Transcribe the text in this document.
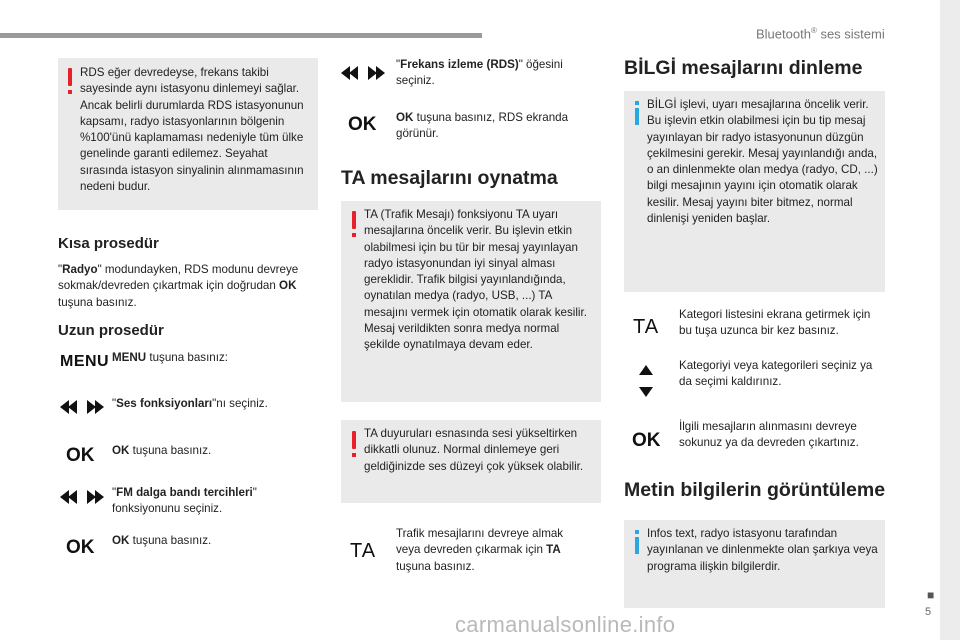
Bluetooth® ses sistemi
■
5
RDS eğer devredeyse, frekans takibi sayesinde aynı istasyonu dinlemeyi sağlar. Ancak belirli durumlarda RDS istasyonunun kapsamı, radyo istasyonlarının bölgenin %100'ünü kaplamaması nedeniyle tüm ülke genelinde garanti edilemez. Seyahat sırasında istasyon sinyalinin alınmamasının nedeni budur.
Kısa prosedür
"Radyo" modundayken, RDS modunu devreye sokmak/devreden çıkartmak için doğrudan OK tuşuna basınız.
Uzun prosedür
MENU MENU tuşuna basınız:
"Ses fonksiyonları"nı seçiniz.
OK OK tuşuna basınız.
"FM dalga bandı tercihleri" fonksiyonunu seçiniz.
OK OK tuşuna basınız.
"Frekans izleme (RDS)" öğesini seçiniz.
OK OK tuşuna basınız, RDS ekranda görünür.
TA mesajlarını oynatma
TA (Trafik Mesajı) fonksiyonu TA uyarı mesajlarına öncelik verir. Bu işlevin etkin olabilmesi için bu tür bir mesaj yayınlayan radyo istasyonundan iyi sinyal alması gereklidir. Trafik bilgisi yayınlandığında, oynatılan medya (radyo, USB, ...) TA mesajını vermek için otomatik olarak kesilir. Mesaj verildikten sonra medya normal şekilde oynatılmaya devam eder.
TA duyuruları esnasında sesi yükseltirken dikkatli olunuz. Normal dinlemeye geri geldiğinizde ses düzeyi çok yüksek olabilir.
TA
Trafik mesajlarını devreye almak veya devreden çıkarmak için TA tuşuna basınız.
BİLGİ mesajlarını dinleme
BİLGİ işlevi, uyarı mesajlarına öncelik verir. Bu işlevin etkin olabilmesi için bu tip mesaj yayınlayan bir radyo istasyonunun düzgün çekilmesini gerekir. Mesaj yayınlandığı anda, o an dinlenmekte olan medya (radyo, CD, ...) bilgi mesajının yayını için otomatik olarak kesilir. Mesaj yayını biter bitmez, normal dinlenişi yeniden başlar.
TA
Kategori listesini ekrana getirmek için bu tuşa uzunca bir kez basınız.
Kategoriyi veya kategorileri seçiniz ya da seçimi kaldırınız.
OK
İlgili mesajların alınmasını devreye sokunuz ya da devreden çıkartınız.
Metin bilgilerin görüntüleme
Infos text, radyo istasyonu tarafından yayınlanan ve dinlenmekte olan şarkıya veya programa ilişkin bilgilerdir.
carmanualsonline.info
